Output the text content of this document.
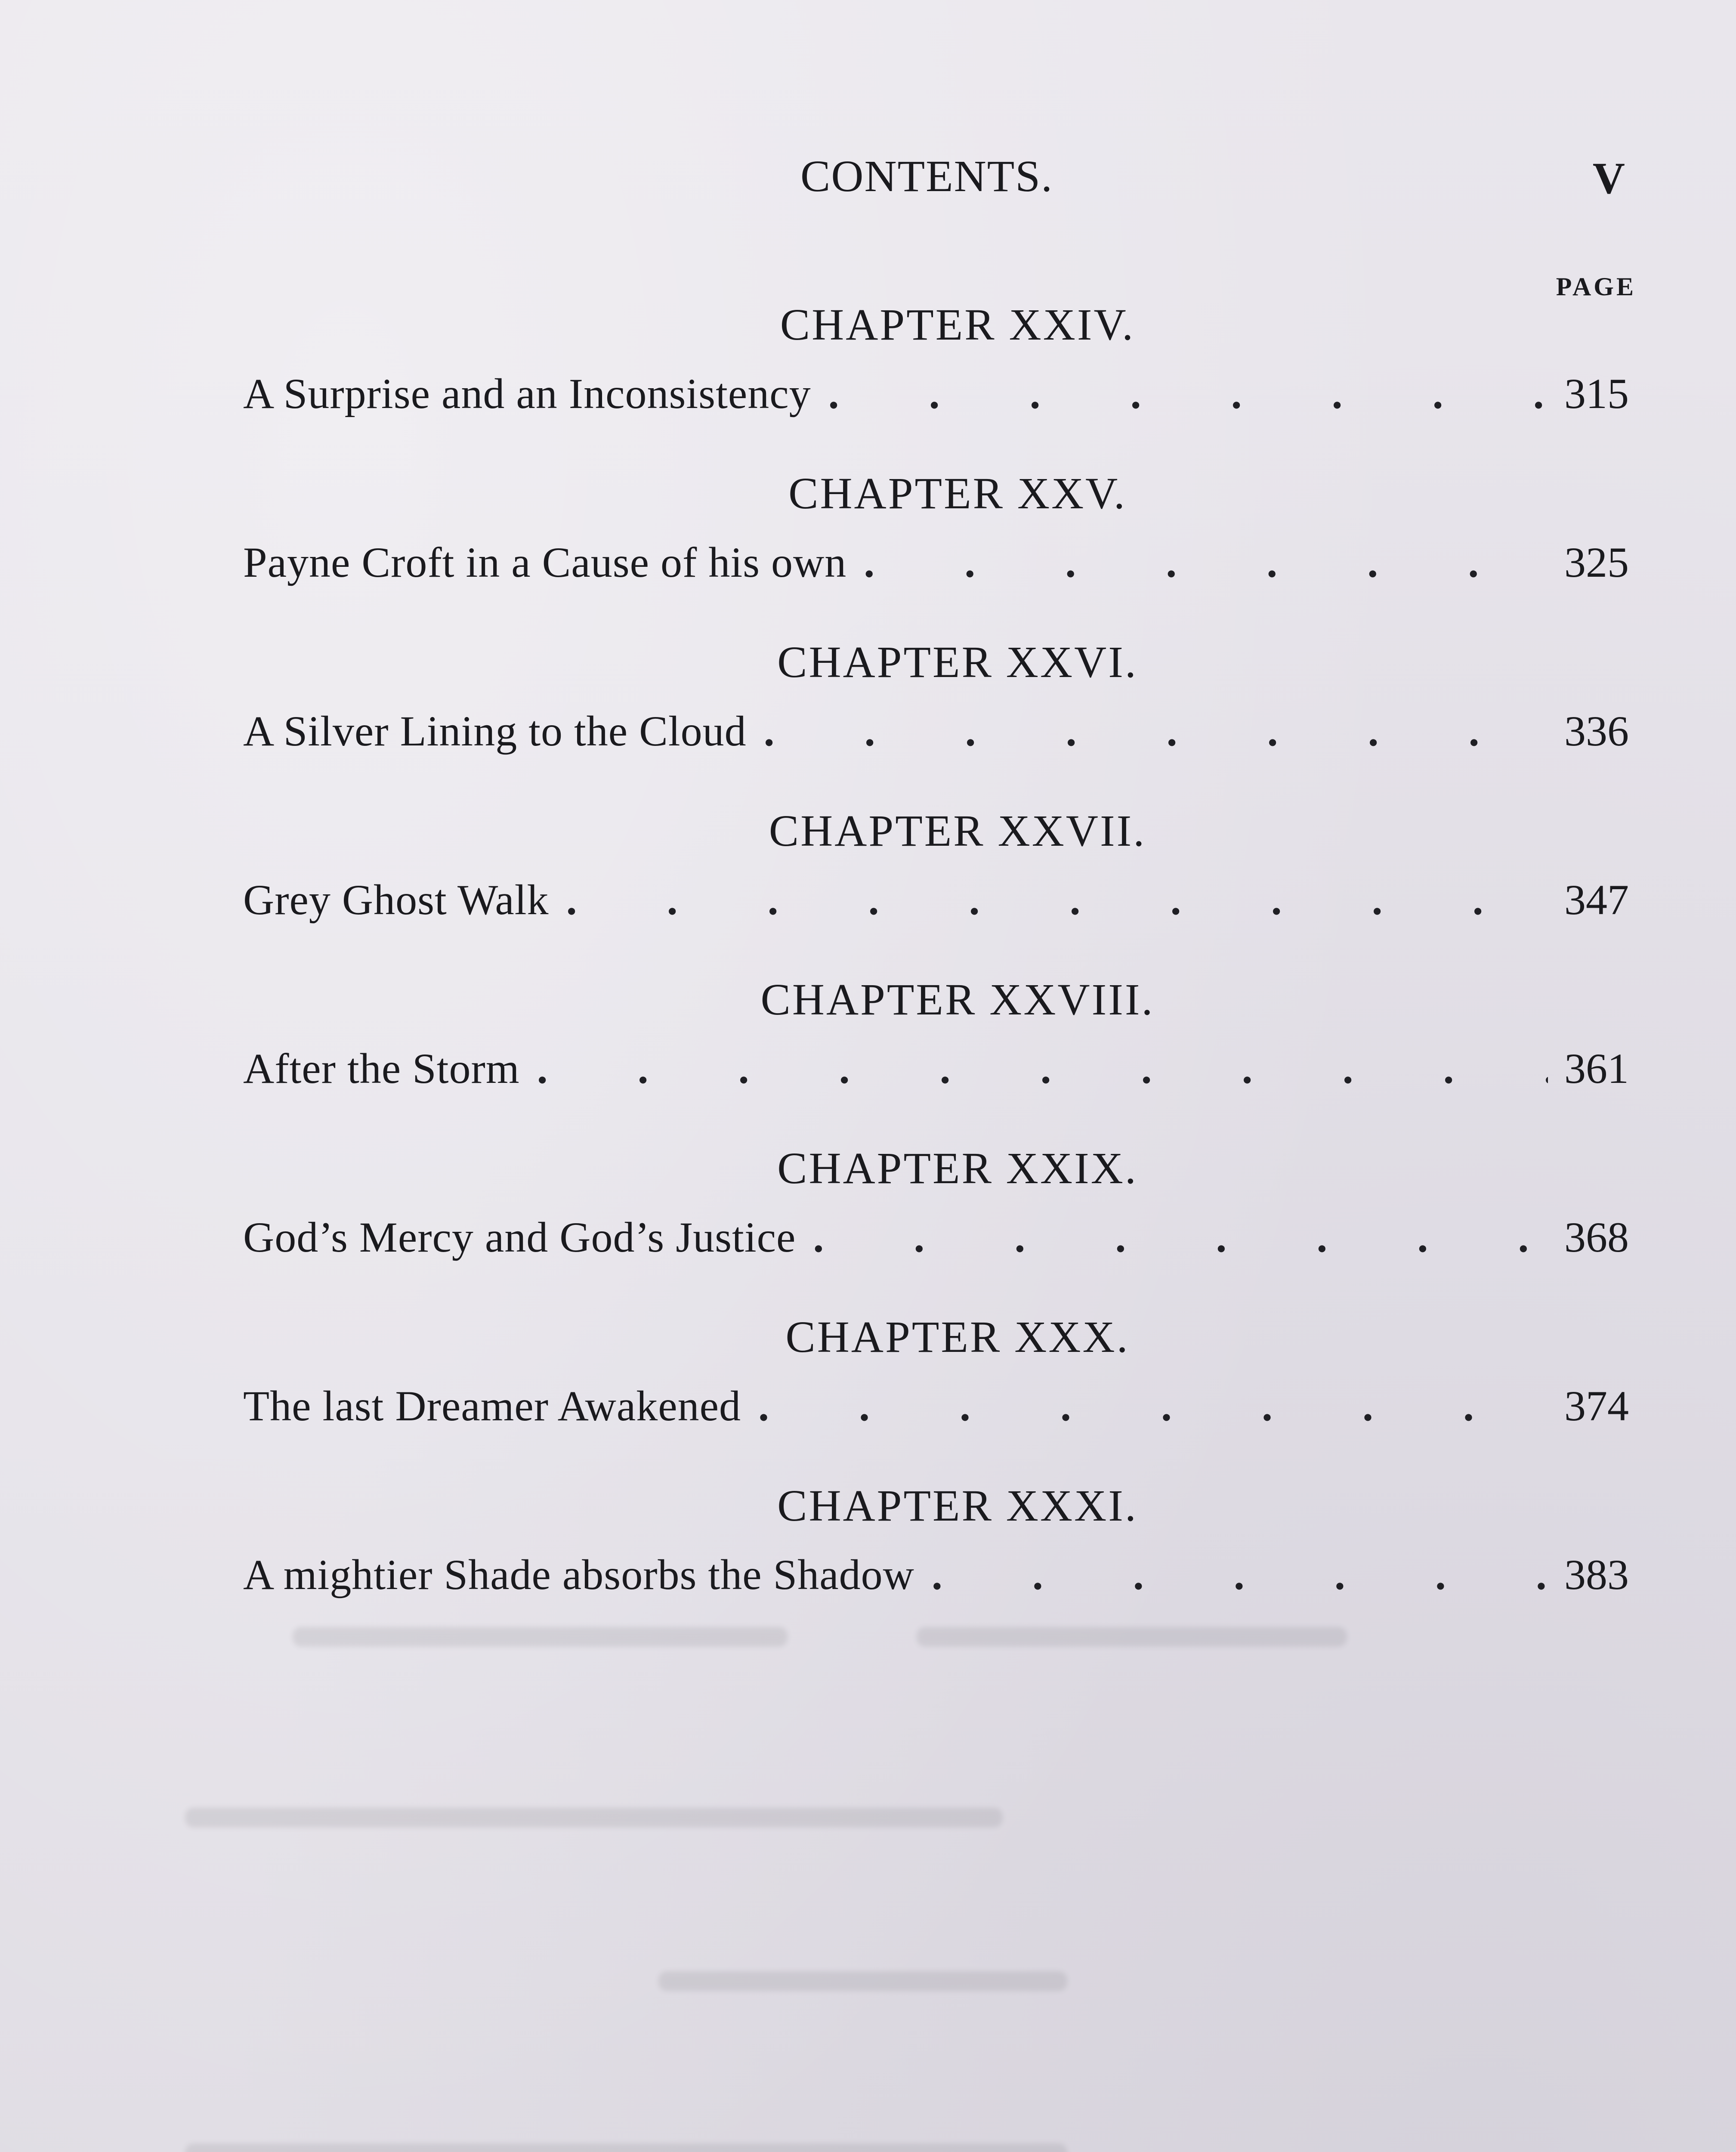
CONTENTS.	V
PAGE
CHAPTER XXIV.
A Surprise and an Inconsistency . . .	315
CHAPTER XXV.
Payne Croft in a Cause of his own . . .	325
CHAPTER XXVI.
A Silver Lining to the Cloud . . .	336
CHAPTER XXVII.
Grey Ghost Walk . . .	347
CHAPTER XXVIII.
After the Storm . . .	361
CHAPTER XXIX.
God’s Mercy and God’s Justice . . .	368
CHAPTER XXX.
The last Dreamer Awakened . . .	374
CHAPTER XXXI.
A mightier Shade absorbs the Shadow . . .	383
